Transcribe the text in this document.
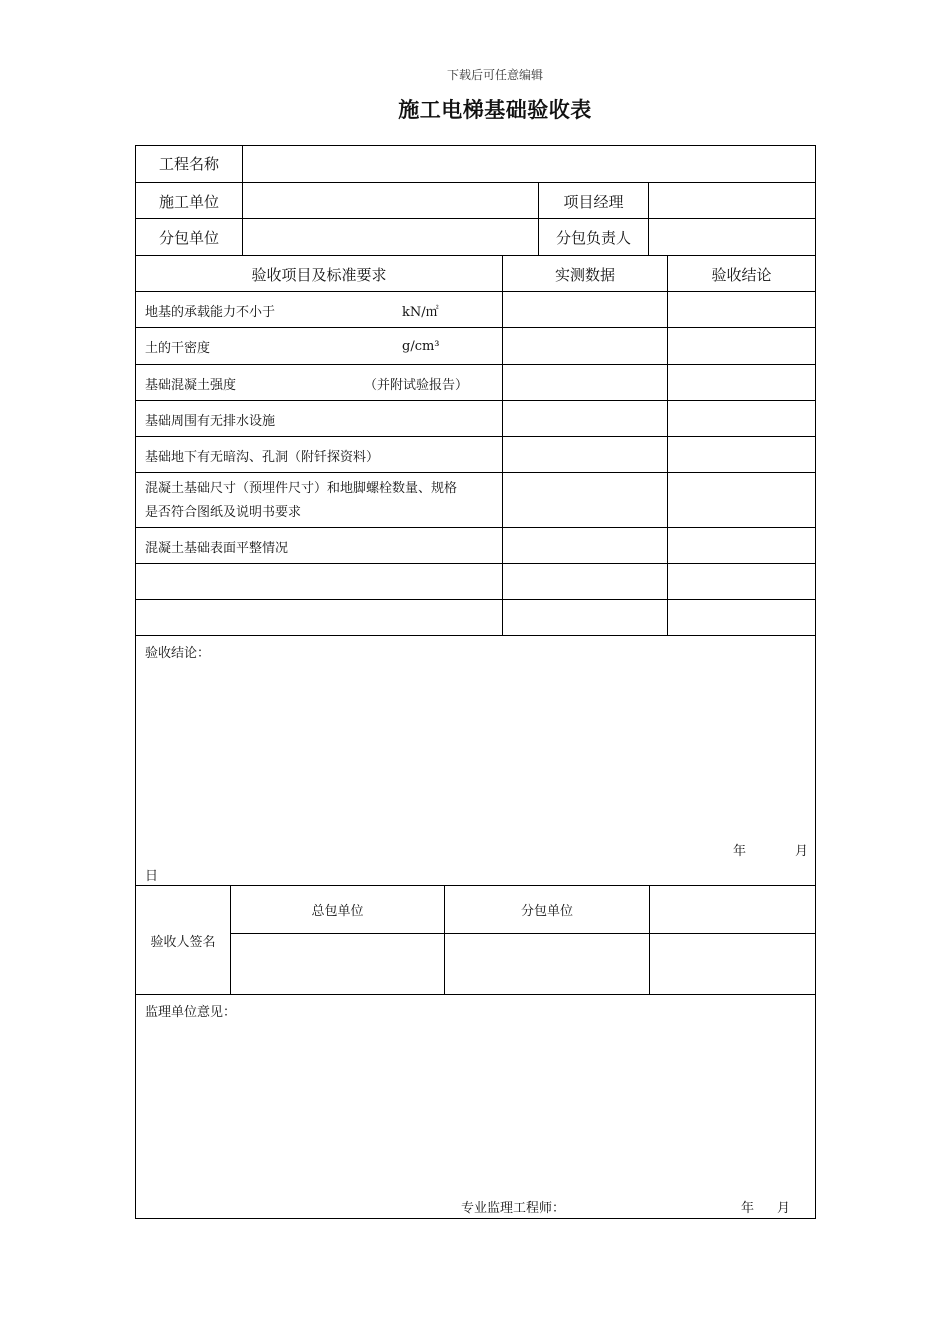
下载后可任意编辑
施工电梯基础验收表
工程名称
施工单位	项目经理
分包单位	分包负责人
验收项目及标准要求	实测数据	验收结论
地基的承载能力不小于	kN/㎡
土的干密度	g/cm³
基础混凝土强度	（并附试验报告）
基础周围有无排水设施
基础地下有无暗沟、孔洞（附钎探资料）
混凝土基础尺寸（预埋件尺寸）和地脚螺栓数量、规格
是否符合图纸及说明书要求
混凝土基础表面平整情况
验收结论：
年	月
日
验收人签名
总包单位	分包单位
监理单位意见：
专业监理工程师：	年 月
